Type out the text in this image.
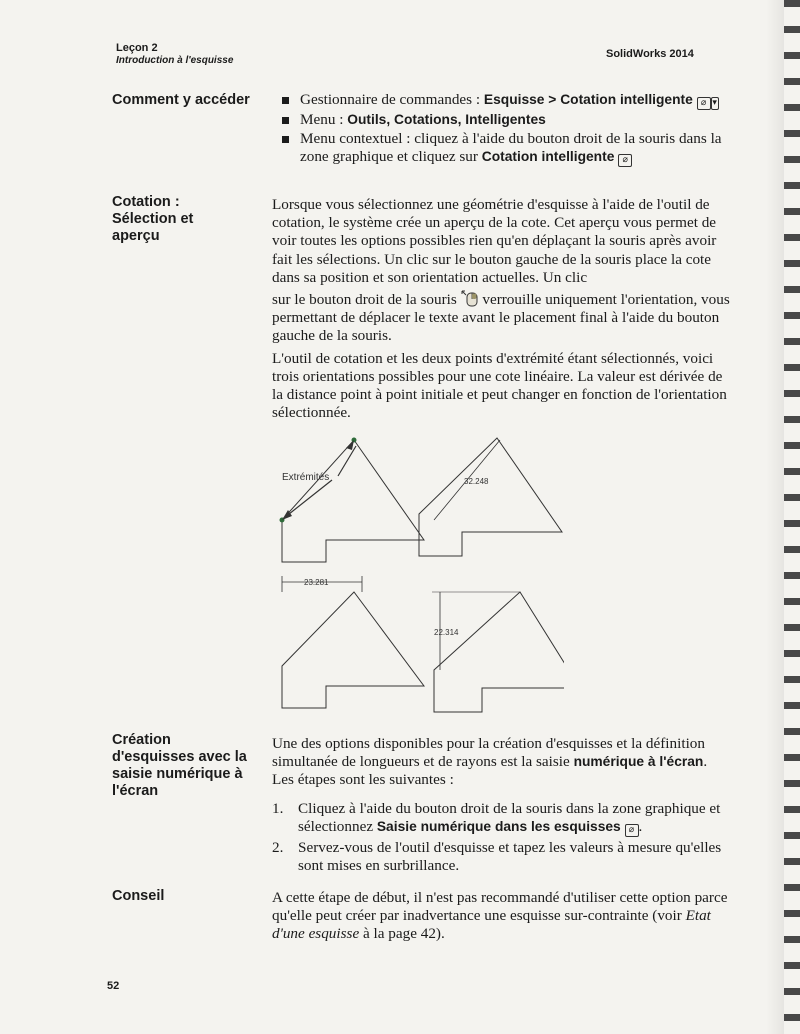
Leçon 2
Introduction à l'esquisse
SolidWorks 2014
Comment y accéder	Gestionnaire de commandes : Esquisse > Cotation intelligente ⌀ ▾
Menu : Outils, Cotations, Intelligentes
Menu contextuel : cliquez à l'aide du bouton droit de la souris dans la zone graphique et cliquez sur Cotation intelligente ⌀
Cotation : Sélection et aperçu

Lorsque vous sélectionnez une géométrie d'esquisse à l'aide de l'outil de cotation, le système crée un aperçu de la cote. Cet aperçu vous permet de voir toutes les options possibles rien qu'en déplaçant la souris après avoir fait les sélections. Un clic sur le bouton gauche de la souris place la cote dans sa position et son orientation actuelles. Un clic

sur le bouton droit de la souris verrouille uniquement l'orientation, vous permettant de déplacer le texte avant le placement final à l'aide du bouton gauche de la souris.

L'outil de cotation et les deux points d'extrémité étant sélectionnés, voici trois orientations possibles pour une cote linéaire. La valeur est dérivée de la distance point à point initiale et peut changer en fonction de l'orientation sélectionnée.

Extrémités	32.248
23.281
22.314
Création d'esquisses avec la saisie numérique à l'écran

Une des options disponibles pour la création d'esquisses et la définition simultanée de longueurs et de rayons est la saisie numérique à l'écran. Les étapes sont les suivantes :

1. Cliquez à l'aide du bouton droit de la souris dans la zone graphique et sélectionnez Saisie numérique dans les esquisses ⌀ .
2. Servez-vous de l'outil d'esquisse et tapez les valeurs à mesure qu'elles sont mises en surbrillance.
Conseil	A cette étape de début, il n'est pas recommandé d'utiliser cette option parce qu'elle peut créer par inadvertance une esquisse sur-contrainte (voir Etat d'une esquisse à la page 42).

52
